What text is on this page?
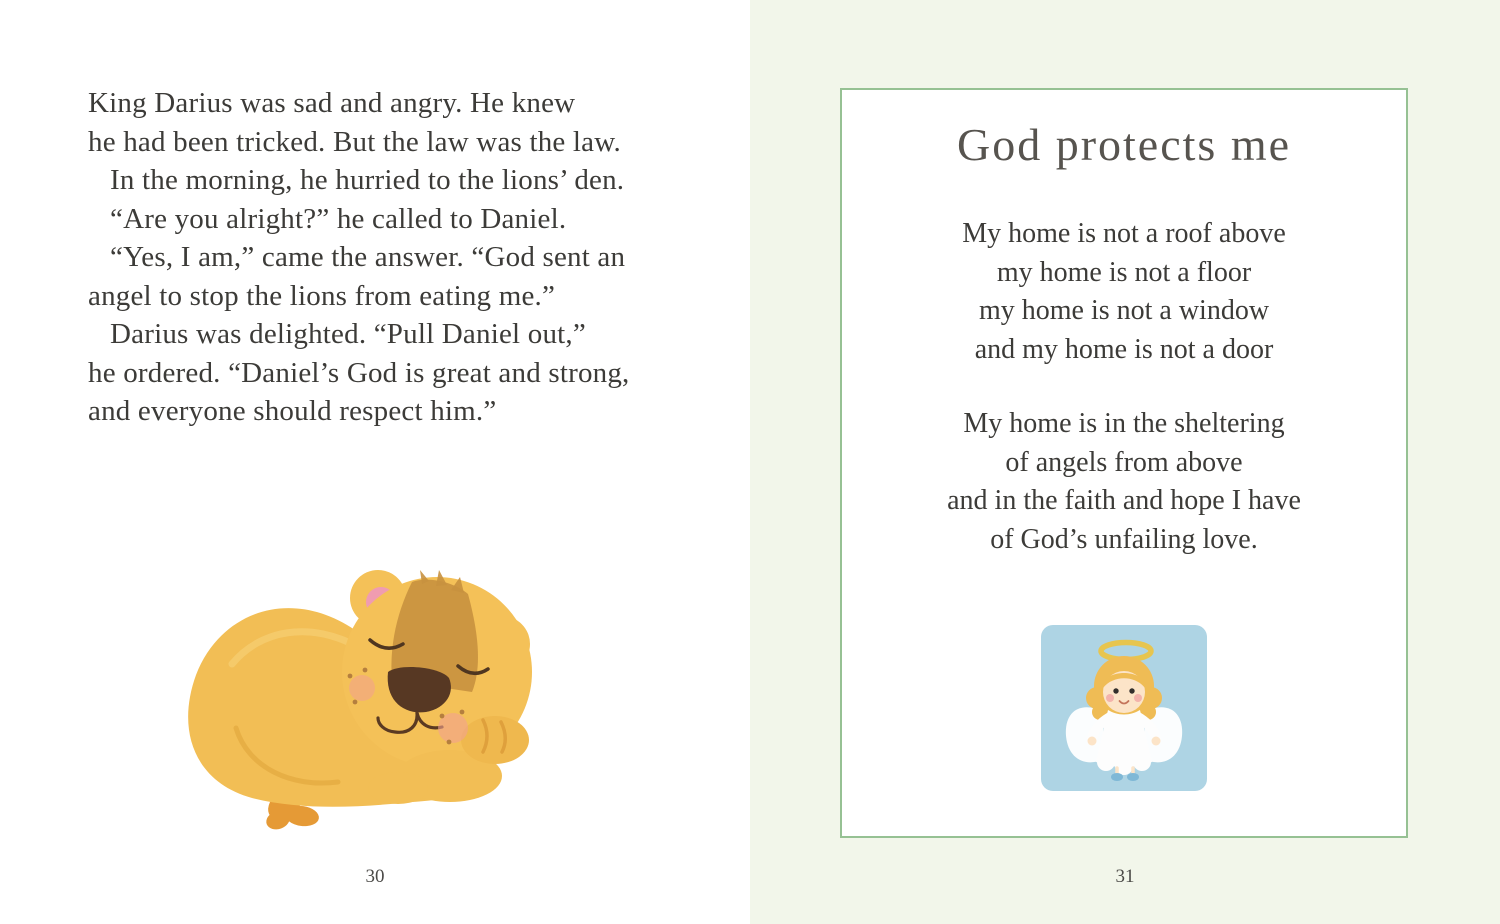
King Darius was sad and angry. He knew

he had been tricked. But the law was the law.

In the morning, he hurried to the lions’ den.

“Are you alright?” he called to Daniel.

“Yes, I am,” came the answer. “God sent an

angel to stop the lions from eating me.”

Darius was delighted. “Pull Daniel out,”

he ordered. “Daniel’s God is great and strong,

and everyone should respect him.”

30
God protects me

My home is not a roof above

my home is not a floor

my home is not a window

and my home is not a door

My home is in the sheltering

of angels from above

and in the faith and hope I have

of God’s unfailing love.

31
